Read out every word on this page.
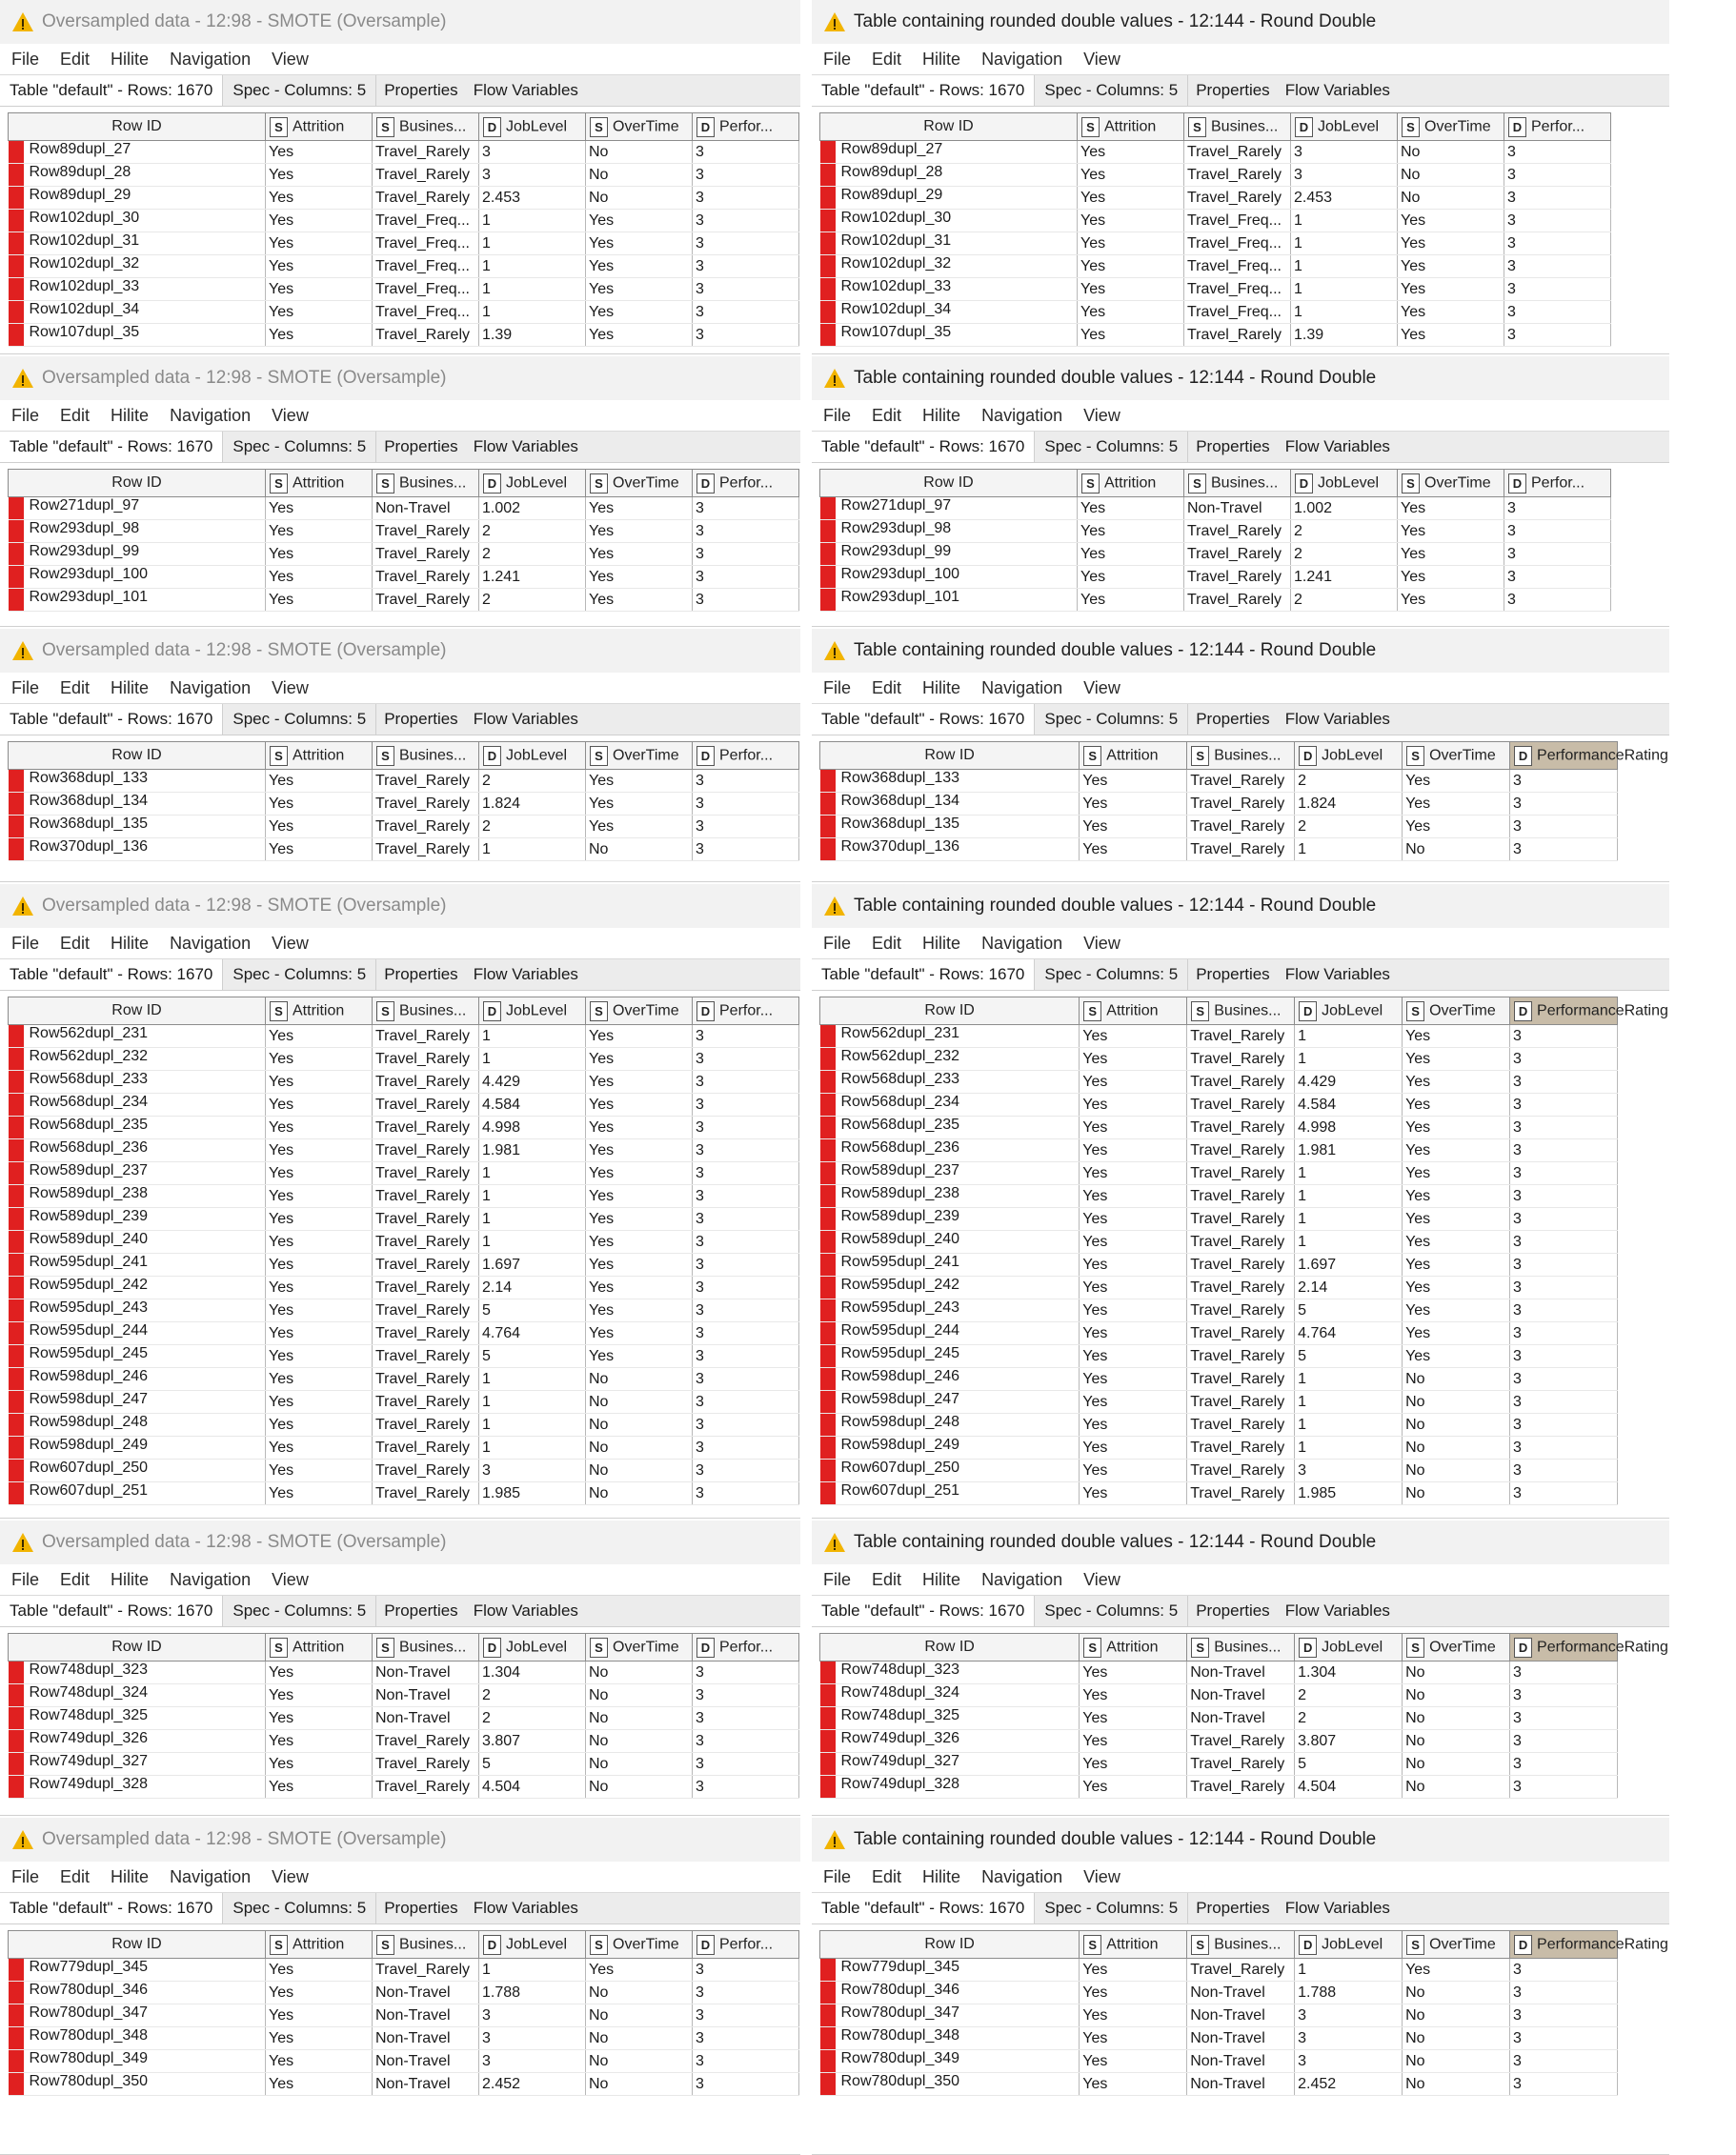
Oversampled data - 12:98 - SMOTE (Oversample)
File Edit Hilite Navigation View
Table "default" - Rows: 1670	Spec - Columns: 5	Properties Flow Variables
Row ID	S Attrition	S Busines...	D JobLevel	S OverTime	D Perfor...
Row89dupl_27	Yes	Travel_Rarely	3	No	3
Row89dupl_28	Yes	Travel_Rarely	3	No	3
Row89dupl_29	Yes	Travel_Rarely	2.453	No	3
Row102dupl_30	Yes	Travel_Freq...	1	Yes	3
Row102dupl_31	Yes	Travel_Freq...	1	Yes	3
Row102dupl_32	Yes	Travel_Freq...	1	Yes	3
Row102dupl_33	Yes	Travel_Freq...	1	Yes	3
Row102dupl_34	Yes	Travel_Freq...	1	Yes	3
Row107dupl_35	Yes	Travel_Rarely	1.39	Yes	3
Table containing rounded double values - 12:144 - Round Double
File Edit Hilite Navigation View
Table "default" - Rows: 1670	Spec - Columns: 5	Properties Flow Variables
Row ID	S Attrition	S Busines...	D JobLevel	S OverTime	D Perfor...
Row89dupl_27	Yes	Travel_Rarely	3	No	3
Row89dupl_28	Yes	Travel_Rarely	3	No	3
Row89dupl_29	Yes	Travel_Rarely	2.453	No	3
Row102dupl_30	Yes	Travel_Freq...	1	Yes	3
Row102dupl_31	Yes	Travel_Freq...	1	Yes	3
Row102dupl_32	Yes	Travel_Freq...	1	Yes	3
Row102dupl_33	Yes	Travel_Freq...	1	Yes	3
Row102dupl_34	Yes	Travel_Freq...	1	Yes	3
Row107dupl_35	Yes	Travel_Rarely	1.39	Yes	3
Oversampled data - 12:98 - SMOTE (Oversample)
File Edit Hilite Navigation View
Table "default" - Rows: 1670	Spec - Columns: 5	Properties Flow Variables
Row ID	S Attrition	S Busines...	D JobLevel	S OverTime	D Perfor...
Row271dupl_97	Yes	Non-Travel	1.002	Yes	3
Row293dupl_98	Yes	Travel_Rarely	2	Yes	3
Row293dupl_99	Yes	Travel_Rarely	2	Yes	3
Row293dupl_100	Yes	Travel_Rarely	1.241	Yes	3
Row293dupl_101	Yes	Travel_Rarely	2	Yes	3
Table containing rounded double values - 12:144 - Round Double
File Edit Hilite Navigation View
Table "default" - Rows: 1670	Spec - Columns: 5	Properties Flow Variables
Row ID	S Attrition	S Busines...	D JobLevel	S OverTime	D Perfor...
Row271dupl_97	Yes	Non-Travel	1.002	Yes	3
Row293dupl_98	Yes	Travel_Rarely	2	Yes	3
Row293dupl_99	Yes	Travel_Rarely	2	Yes	3
Row293dupl_100	Yes	Travel_Rarely	1.241	Yes	3
Row293dupl_101	Yes	Travel_Rarely	2	Yes	3
Oversampled data - 12:98 - SMOTE (Oversample)
File Edit Hilite Navigation View
Table "default" - Rows: 1670	Spec - Columns: 5	Properties Flow Variables
Row ID	S Attrition	S Busines...	D JobLevel	S OverTime	D Perfor...
Row368dupl_133	Yes	Travel_Rarely	2	Yes	3
Row368dupl_134	Yes	Travel_Rarely	1.824	Yes	3
Row368dupl_135	Yes	Travel_Rarely	2	Yes	3
Row370dupl_136	Yes	Travel_Rarely	1	No	3
Table containing rounded double values - 12:144 - Round Double
File Edit Hilite Navigation View
Table "default" - Rows: 1670	Spec - Columns: 5	Properties Flow Variables
Row ID	S Attrition	S Busines...	D JobLevel	S OverTime	D PerformanceRating
Row368dupl_133	Yes	Travel_Rarely	2	Yes	3
Row368dupl_134	Yes	Travel_Rarely	1.824	Yes	3
Row368dupl_135	Yes	Travel_Rarely	2	Yes	3
Row370dupl_136	Yes	Travel_Rarely	1	No	3
Oversampled data - 12:98 - SMOTE (Oversample)
File Edit Hilite Navigation View
Table "default" - Rows: 1670	Spec - Columns: 5	Properties Flow Variables
Row ID	S Attrition	S Busines...	D JobLevel	S OverTime	D Perfor...
Row562dupl_231	Yes	Travel_Rarely	1	Yes	3
Row562dupl_232	Yes	Travel_Rarely	1	Yes	3
Row568dupl_233	Yes	Travel_Rarely	4.429	Yes	3
Row568dupl_234	Yes	Travel_Rarely	4.584	Yes	3
Row568dupl_235	Yes	Travel_Rarely	4.998	Yes	3
Row568dupl_236	Yes	Travel_Rarely	1.981	Yes	3
Row589dupl_237	Yes	Travel_Rarely	1	Yes	3
Row589dupl_238	Yes	Travel_Rarely	1	Yes	3
Row589dupl_239	Yes	Travel_Rarely	1	Yes	3
Row589dupl_240	Yes	Travel_Rarely	1	Yes	3
Row595dupl_241	Yes	Travel_Rarely	1.697	Yes	3
Row595dupl_242	Yes	Travel_Rarely	2.14	Yes	3
Row595dupl_243	Yes	Travel_Rarely	5	Yes	3
Row595dupl_244	Yes	Travel_Rarely	4.764	Yes	3
Row595dupl_245	Yes	Travel_Rarely	5	Yes	3
Row598dupl_246	Yes	Travel_Rarely	1	No	3
Row598dupl_247	Yes	Travel_Rarely	1	No	3
Row598dupl_248	Yes	Travel_Rarely	1	No	3
Row598dupl_249	Yes	Travel_Rarely	1	No	3
Row607dupl_250	Yes	Travel_Rarely	3	No	3
Row607dupl_251	Yes	Travel_Rarely	1.985	No	3
Table containing rounded double values - 12:144 - Round Double
File Edit Hilite Navigation View
Table "default" - Rows: 1670	Spec - Columns: 5	Properties Flow Variables
Row ID	S Attrition	S Busines...	D JobLevel	S OverTime	D PerformanceRating
Row562dupl_231	Yes	Travel_Rarely	1	Yes	3
Row562dupl_232	Yes	Travel_Rarely	1	Yes	3
Row568dupl_233	Yes	Travel_Rarely	4.429	Yes	3
Row568dupl_234	Yes	Travel_Rarely	4.584	Yes	3
Row568dupl_235	Yes	Travel_Rarely	4.998	Yes	3
Row568dupl_236	Yes	Travel_Rarely	1.981	Yes	3
Row589dupl_237	Yes	Travel_Rarely	1	Yes	3
Row589dupl_238	Yes	Travel_Rarely	1	Yes	3
Row589dupl_239	Yes	Travel_Rarely	1	Yes	3
Row589dupl_240	Yes	Travel_Rarely	1	Yes	3
Row595dupl_241	Yes	Travel_Rarely	1.697	Yes	3
Row595dupl_242	Yes	Travel_Rarely	2.14	Yes	3
Row595dupl_243	Yes	Travel_Rarely	5	Yes	3
Row595dupl_244	Yes	Travel_Rarely	4.764	Yes	3
Row595dupl_245	Yes	Travel_Rarely	5	Yes	3
Row598dupl_246	Yes	Travel_Rarely	1	No	3
Row598dupl_247	Yes	Travel_Rarely	1	No	3
Row598dupl_248	Yes	Travel_Rarely	1	No	3
Row598dupl_249	Yes	Travel_Rarely	1	No	3
Row607dupl_250	Yes	Travel_Rarely	3	No	3
Row607dupl_251	Yes	Travel_Rarely	1.985	No	3
Oversampled data - 12:98 - SMOTE (Oversample)
File Edit Hilite Navigation View
Table "default" - Rows: 1670	Spec - Columns: 5	Properties Flow Variables
Row ID	S Attrition	S Busines...	D JobLevel	S OverTime	D Perfor...
Row748dupl_323	Yes	Non-Travel	1.304	No	3
Row748dupl_324	Yes	Non-Travel	2	No	3
Row748dupl_325	Yes	Non-Travel	2	No	3
Row749dupl_326	Yes	Travel_Rarely	3.807	No	3
Row749dupl_327	Yes	Travel_Rarely	5	No	3
Row749dupl_328	Yes	Travel_Rarely	4.504	No	3
Table containing rounded double values - 12:144 - Round Double
File Edit Hilite Navigation View
Table "default" - Rows: 1670	Spec - Columns: 5	Properties Flow Variables
Row ID	S Attrition	S Busines...	D JobLevel	S OverTime	D PerformanceRating
Row748dupl_323	Yes	Non-Travel	1.304	No	3
Row748dupl_324	Yes	Non-Travel	2	No	3
Row748dupl_325	Yes	Non-Travel	2	No	3
Row749dupl_326	Yes	Travel_Rarely	3.807	No	3
Row749dupl_327	Yes	Travel_Rarely	5	No	3
Row749dupl_328	Yes	Travel_Rarely	4.504	No	3
Oversampled data - 12:98 - SMOTE (Oversample)
File Edit Hilite Navigation View
Table "default" - Rows: 1670	Spec - Columns: 5	Properties Flow Variables
Row ID	S Attrition	S Busines...	D JobLevel	S OverTime	D Perfor...
Row779dupl_345	Yes	Travel_Rarely	1	Yes	3
Row780dupl_346	Yes	Non-Travel	1.788	No	3
Row780dupl_347	Yes	Non-Travel	3	No	3
Row780dupl_348	Yes	Non-Travel	3	No	3
Row780dupl_349	Yes	Non-Travel	3	No	3
Row780dupl_350	Yes	Non-Travel	2.452	No	3
Table containing rounded double values - 12:144 - Round Double
File Edit Hilite Navigation View
Table "default" - Rows: 1670	Spec - Columns: 5	Properties Flow Variables
Row ID	S Attrition	S Busines...	D JobLevel	S OverTime	D PerformanceRating
Row779dupl_345	Yes	Travel_Rarely	1	Yes	3
Row780dupl_346	Yes	Non-Travel	1.788	No	3
Row780dupl_347	Yes	Non-Travel	3	No	3
Row780dupl_348	Yes	Non-Travel	3	No	3
Row780dupl_349	Yes	Non-Travel	3	No	3
Row780dupl_350	Yes	Non-Travel	2.452	No	3
